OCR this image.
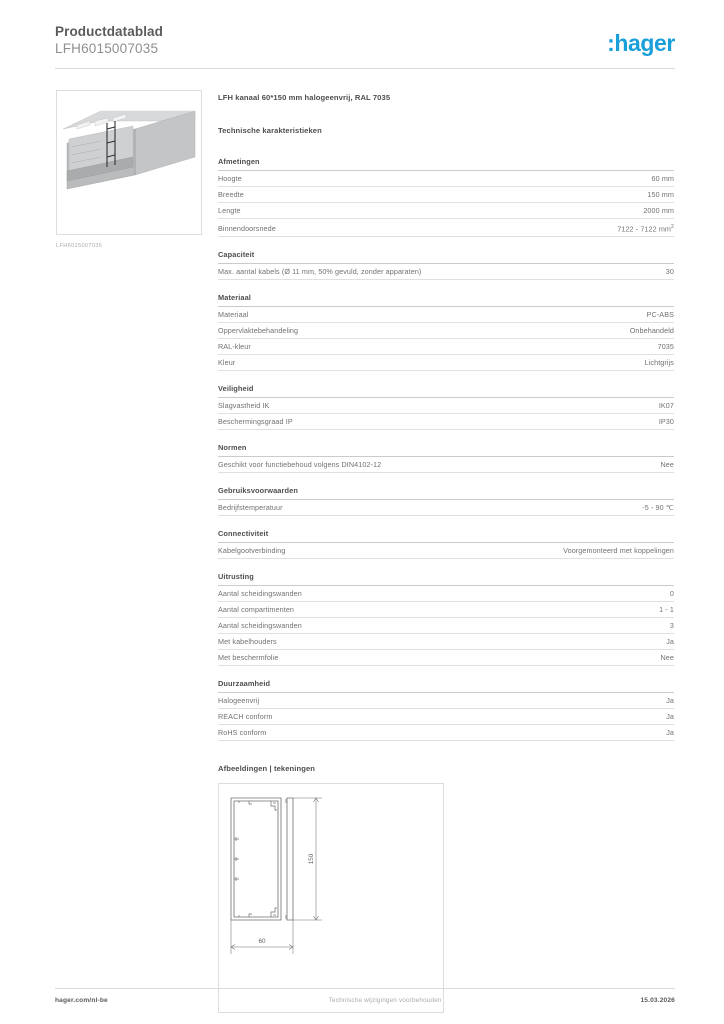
Productdatablad
LFH6015007035	:hager
LFH6015007035
LFH kanaal 60*150 mm halogeenvrij, RAL 7035
Technische karakteristieken
Afmetingen
Hoogte	60 mm
Breedte	150 mm
Lengte	2000 mm
Binnendoorsnede	7122 - 7122 $mm^2$
Capaciteit
Max. aantal kabels (Ø 11 mm, 50% gevuld, zonder apparaten)	30
Materiaal
Materiaal	PC-ABS
Oppervlaktebehandeling	Onbehandeld
RAL-kleur	7035
Kleur	Lichtgrijs
Veiligheid
Slagvastheid IK	IK07
Beschermingsgraad IP	IP30
Normen
Geschikt voor functiebehoud volgens DIN4102-12	Nee
Gebruiksvoorwaarden
Bedrijfstemperatuur	-5 - 90 ℃
Connectiviteit
Kabelgootverbinding	Voorgemonteerd met koppelingen
Uitrusting
Aantal scheidingswanden	0
Aantal compartimenten	1 - 1
Aantal scheidingswanden	3
Met kabelhouders	Ja
Met beschermfolie	Nee
Duurzaamheid
Halogeenvrij	Ja
REACH conform	Ja
RoHS conform	Ja
Afbeeldingen | tekeningen
150
60
hager.com/nl-be	Technische wijzigingen voorbehouden	15.03.2026
